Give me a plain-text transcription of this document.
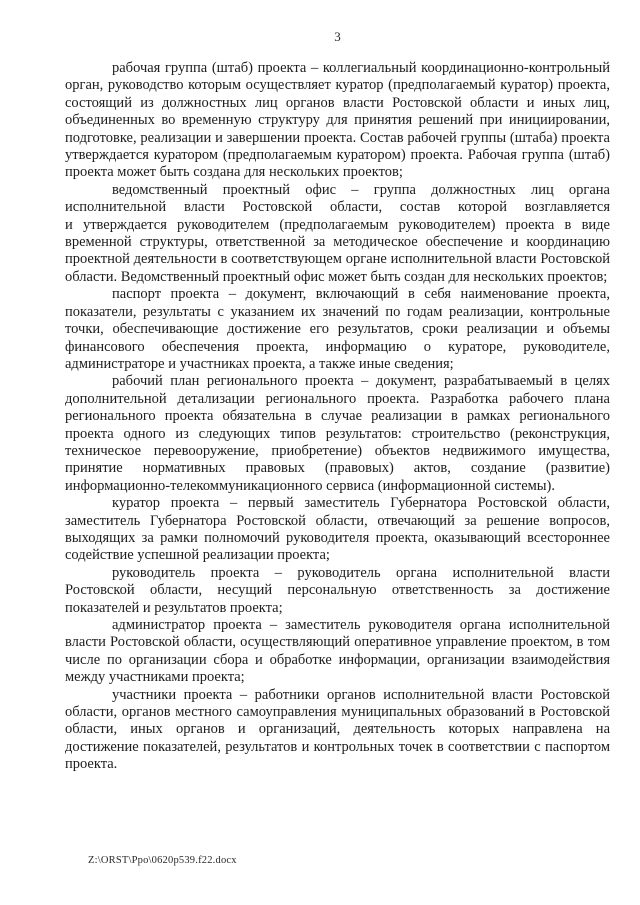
3

рабочая группа (штаб) проекта – коллегиальный координационно-контрольный орган, руководство которым осуществляет куратор (предполагаемый куратор) проекта, состоящий из должностных лиц органов власти Ростовской области и иных лиц, объединенных во временную структуру для принятия решений при инициировании, подготовке, реализации и завершении проекта. Состав рабочей группы (штаба) проекта утверждается куратором (предполагаемым куратором) проекта. Рабочая группа (штаб) проекта может быть создана для нескольких проектов;

ведомственный проектный офис – группа должностных лиц органа исполнительной власти Ростовской области, состав которой возглавляется и утверждается руководителем (предполагаемым руководителем) проекта в виде временной структуры, ответственной за методическое обеспечение и координацию проектной деятельности в соответствующем органе исполнительной власти Ростовской области. Ведомственный проектный офис может быть создан для нескольких проектов;

паспорт проекта – документ, включающий в себя наименование проекта, показатели, результаты с указанием их значений по годам реализации, контрольные точки, обеспечивающие достижение его результатов, сроки реализации и объемы финансового обеспечения проекта, информацию о кураторе, руководителе, администраторе и участниках проекта, а также иные сведения;

рабочий план регионального проекта – документ, разрабатываемый в целях дополнительной детализации регионального проекта. Разработка рабочего плана регионального проекта обязательна в случае реализации в рамках регионального проекта одного из следующих типов результатов: строительство (реконструкция, техническое перевооружение, приобретение) объектов недвижимого имущества, принятие нормативных правовых (правовых) актов, создание (развитие) информационно-телекоммуникационного сервиса (информационной системы).

куратор проекта – первый заместитель Губернатора Ростовской области, заместитель Губернатора Ростовской области, отвечающий за решение вопросов, выходящих за рамки полномочий руководителя проекта, оказывающий всестороннее содействие успешной реализации проекта;

руководитель проекта – руководитель органа исполнительной власти Ростовской области, несущий персональную ответственность за достижение показателей и результатов проекта;

администратор проекта – заместитель руководителя органа исполнительной власти Ростовской области, осуществляющий оперативное управление проектом, в том числе по организации сбора и обработке информации, организации взаимодействия между участниками проекта;

участники проекта – работники органов исполнительной власти Ростовской области, органов местного самоуправления муниципальных образований в Ростовской области, иных органов и организаций, деятельность которых направлена на достижение показателей, результатов и контрольных точек в соответствии с паспортом проекта.

Z:\ORST\Ppo\0620p539.f22.docx
